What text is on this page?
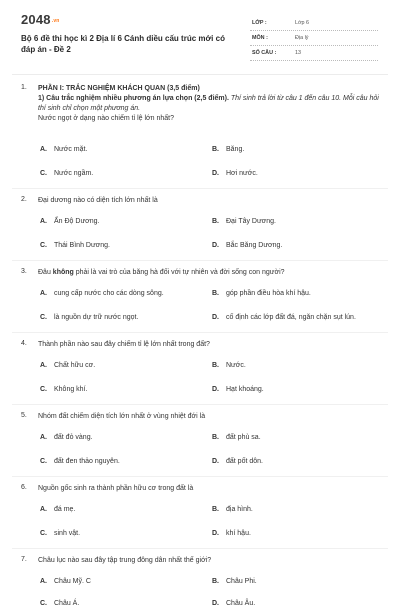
2048.vn
Bộ 6 đề thi học kì 2 Địa lí 6 Cánh diều cấu trúc mới có đáp án - Đề 2
LỚP :	Lớp 6
MÔN :	Địa lý
SỐ CÂU :	13
1. PHẦN I: TRẮC NGHIỆM KHÁCH QUAN (3,5 điểm)
1) Câu trắc nghiệm nhiều phương án lựa chọn (2,5 điểm). Thí sinh trả lời từ câu 1 đến câu 10. Mỗi câu hỏi thí sinh chỉ chọn một phương án.
Nước ngọt ở dạng nào chiếm tỉ lệ lớn nhất?
A. Nước mặt.	B. Băng.
C. Nước ngầm.	D. Hơi nước.
2. Đại dương nào có diện tích lớn nhất là
A. Ấn Độ Dương.	B. Đại Tây Dương.
C. Thái Bình Dương.	D. Bắc Băng Dương.
3. Đâu không phải là vai trò của băng hà đối với tự nhiên và đời sống con người?
A. cung cấp nước cho các dòng sông.	B. góp phần điều hòa khí hậu.
C. là nguồn dự trữ nước ngọt.	D. cố định các lớp đất đá, ngăn chặn sụt lún.
4. Thành phần nào sau đây chiếm tỉ lệ lớn nhất trong đất?
A. Chất hữu cơ.	B. Nước.
C. Không khí.	D. Hạt khoáng.
5. Nhóm đất chiếm diện tích lớn nhất ở vùng nhiệt đới là
A. đất đỏ vàng.	B. đất phù sa.
C. đất đen thảo nguyên.	D. đất pốt dôn.
6. Nguồn gốc sinh ra thành phần hữu cơ trong đất là
A. đá mẹ.	B. địa hình.
C. sinh vật.	D. khí hậu.
7. Châu lục nào sau đây tập trung đông dân nhất thế giới?
A. Châu Mỹ. C	B. Châu Phi.
C. Châu Á.	D. Châu Âu.
